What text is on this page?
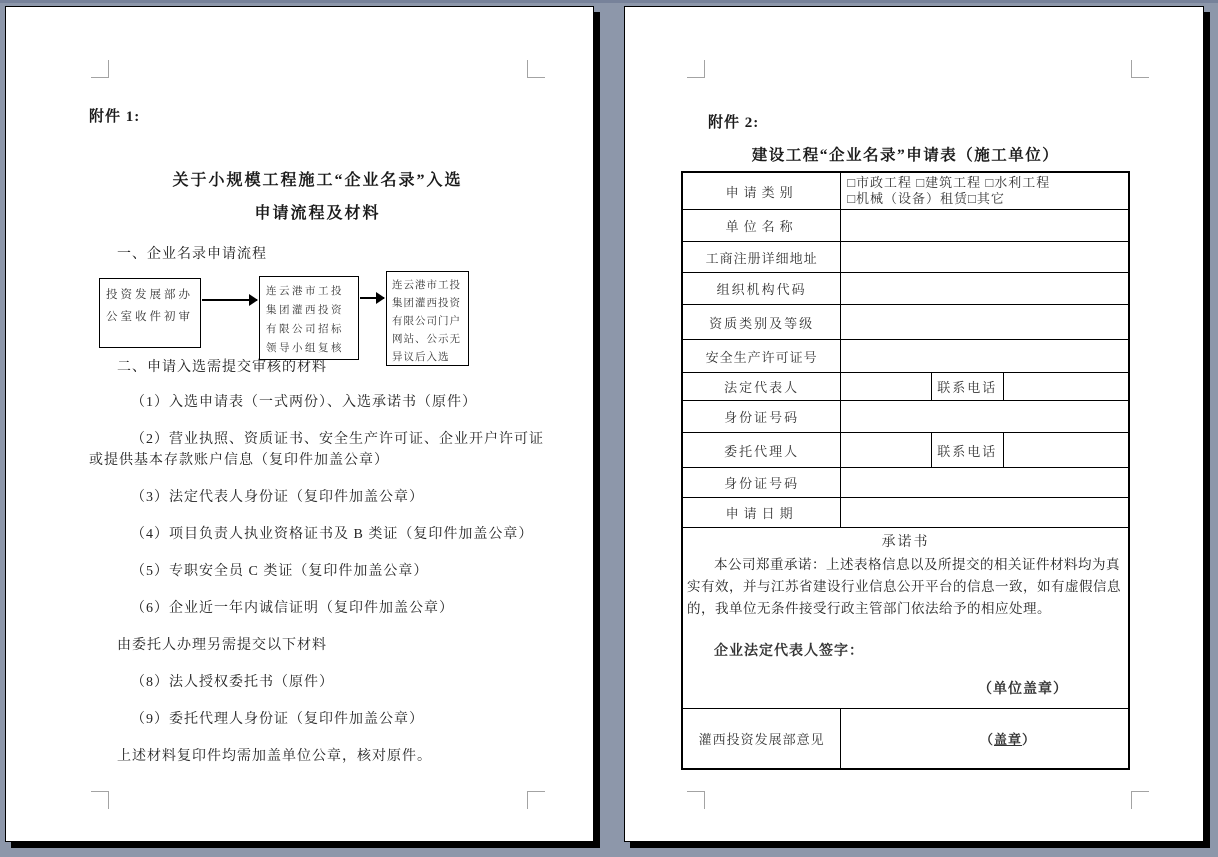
附件 1:
关于小规模工程施工“企业名录”入选
申请流程及材料
一、企业名录申请流程
投资发展部办公室收件初审
连云港市工投集团灌西投资有限公司招标领导小组复核
连云港市工投集团灌西投资有限公司门户网站、公示无异议后入选
二、申请入选需提交审核的材料

（1）入选申请表（一式两份）、入选承诺书（原件）

（2）营业执照、资质证书、安全生产许可证、企业开户许可证或提供基本存款账户信息（复印件加盖公章）

（3）法定代表人身份证（复印件加盖公章）

（4）项目负责人执业资格证书及 B 类证（复印件加盖公章）

（5）专职安全员 C 类证（复印件加盖公章）

（6）企业近一年内诚信证明（复印件加盖公章）

由委托人办理另需提交以下材料

（8）法人授权委托书（原件）

（9）委托代理人身份证（复印件加盖公章）

上述材料复印件均需加盖单位公章，核对原件。

附件 2:
建设工程“企业名录”申请表（施工单位）
申请类别	□市政工程 □建筑工程 □水利工程
□机械（设备）租赁□其它		

单位名称			
工商注册详细地址			
组织机构代码			
资质类别及等级			
安全生产许可证号			
法定代表人		联系电话	
身份证号码			
委托代理人		联系电话	
身份证号码			
申请日期			

承诺书
本公司郑重承诺：上述表格信息以及所提交的相关证件材料均为真实有效，并与江苏省建设行业信息公开平台的信息一致，如有虚假信息的，我单位无条件接受行政主管部门依法给予的相应处理。
企业法定代表人签字：
（单位盖章）			

灌西投资发展部意见	（盖章）		
